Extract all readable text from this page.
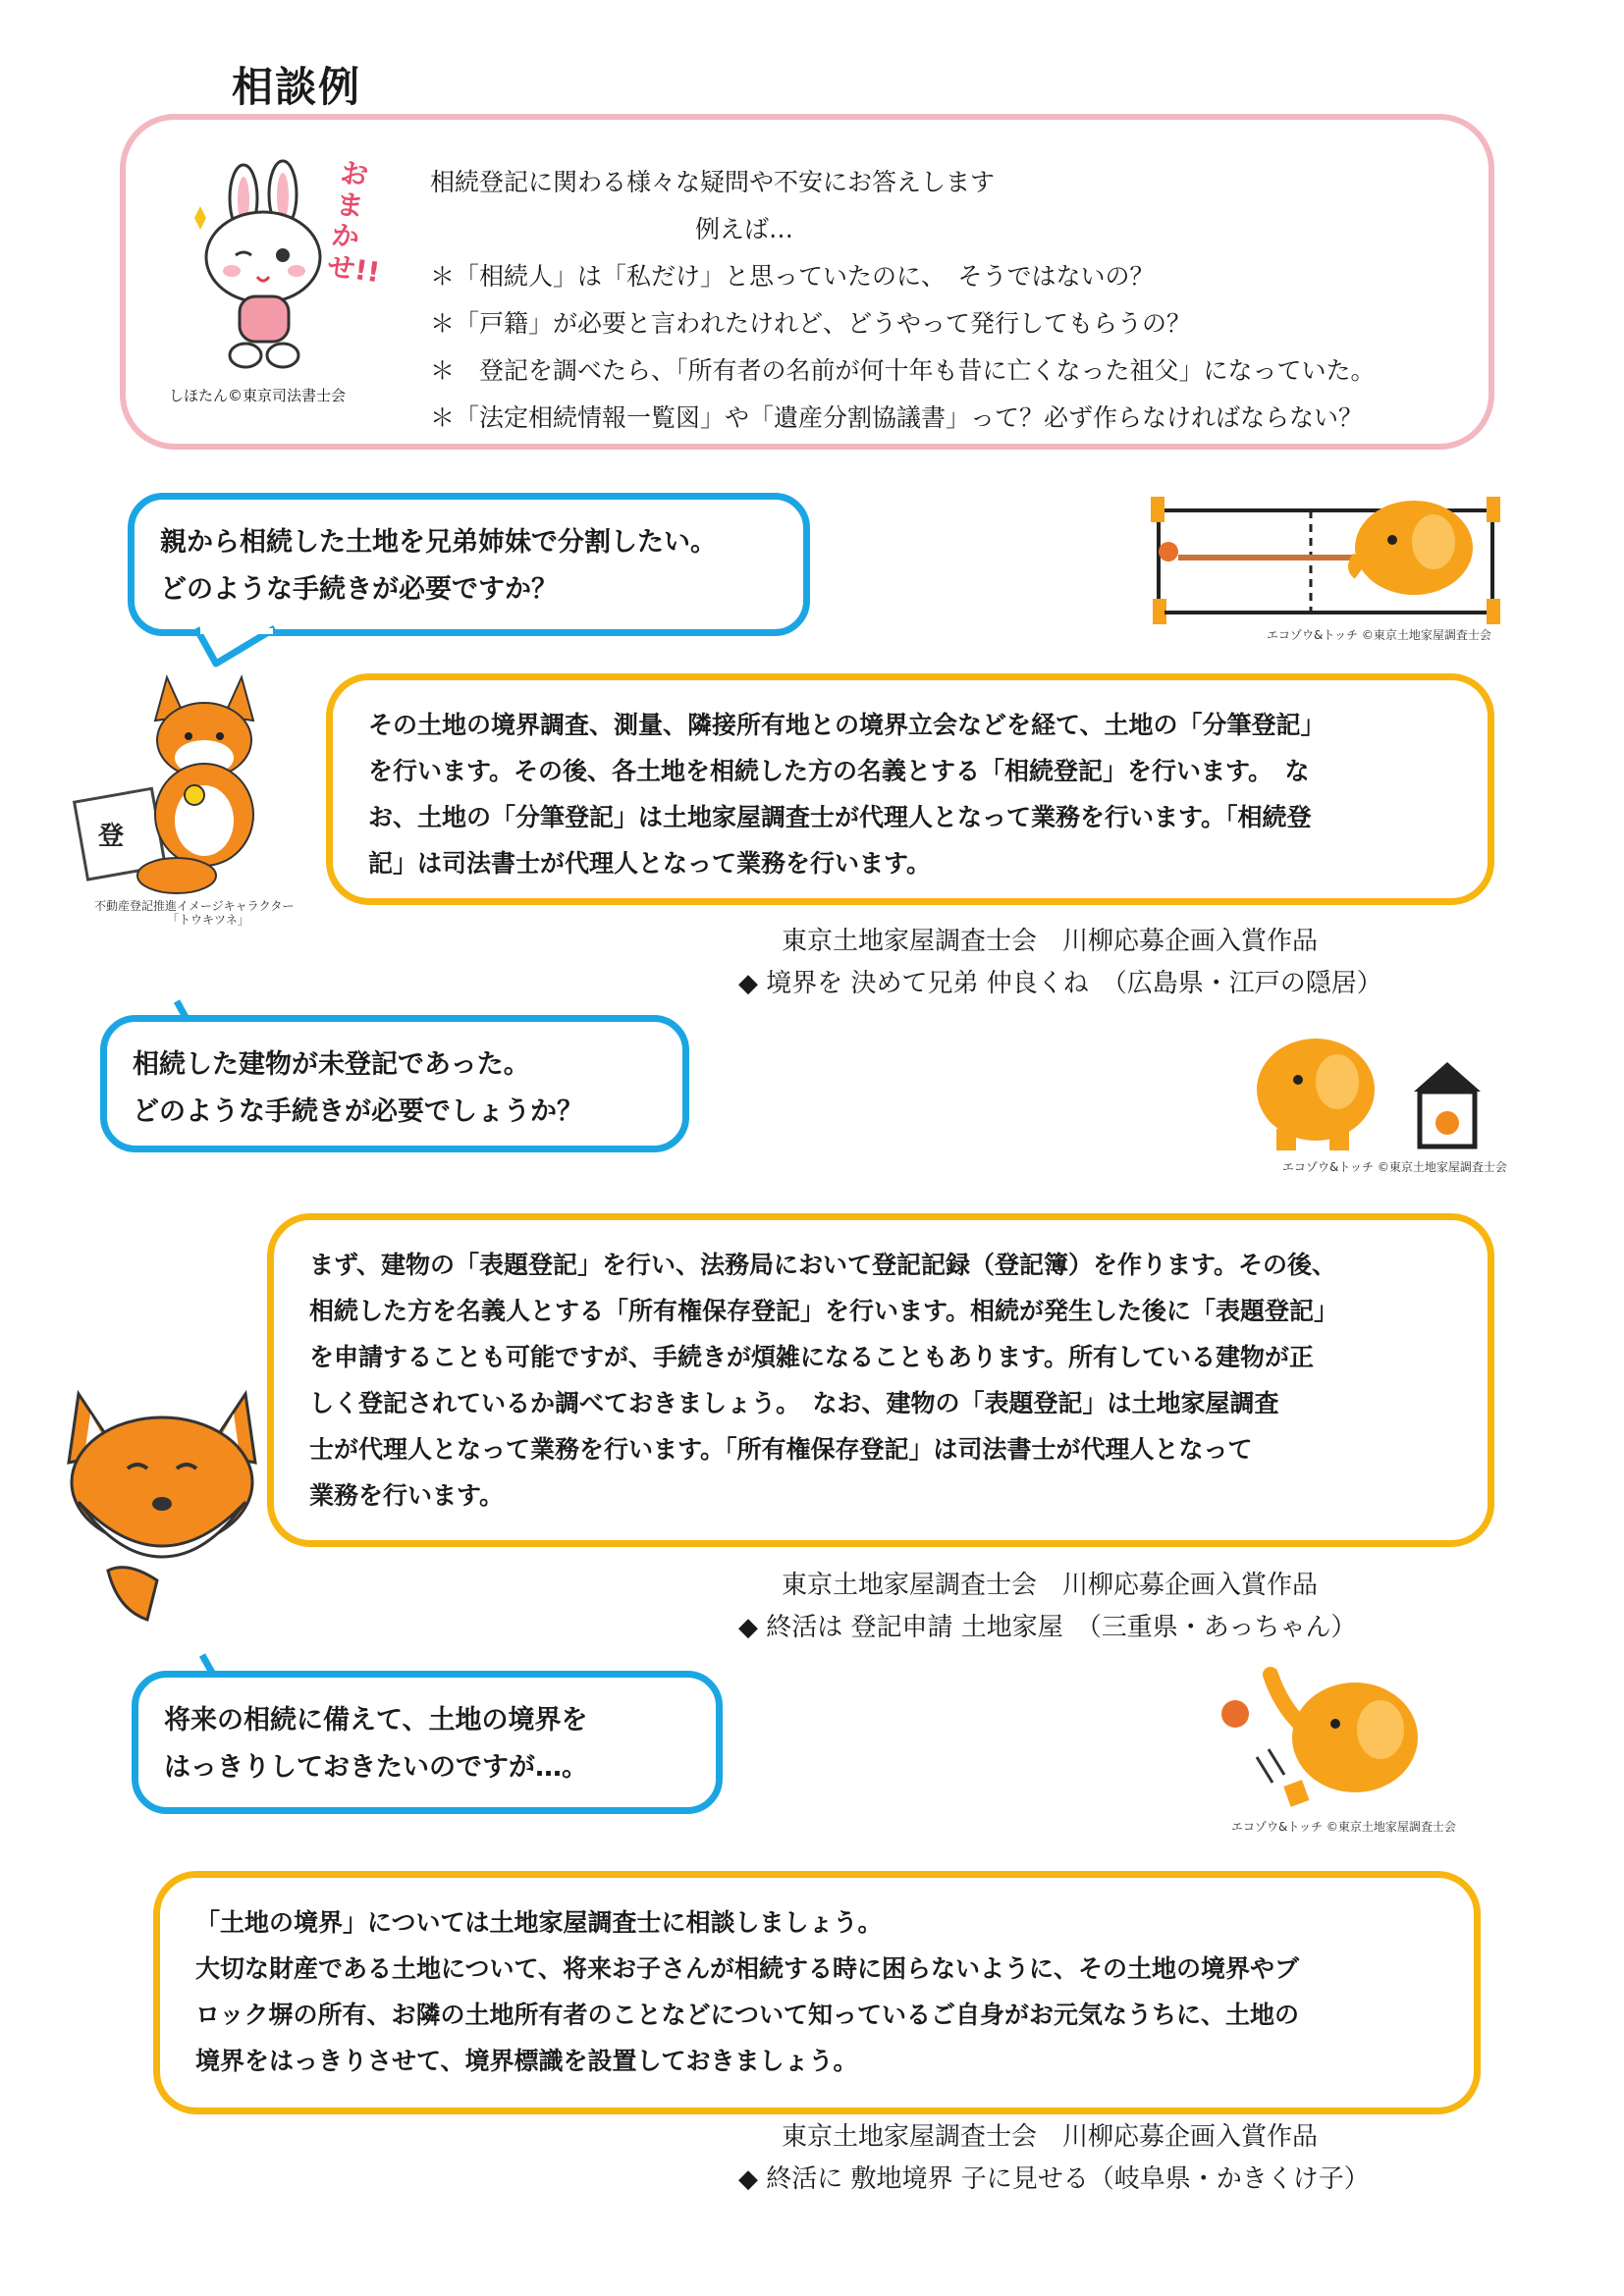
相談例
相続登記に関わる様々な疑問や不安にお答えします
例えば…
＊「相続人」は「私だけ」と思っていたのに、　そうではないの？
＊「戸籍」が必要と言われたけれど、どうやって発行してもらうの？
＊　登記を調べたら、「所有者の名前が何十年も昔に亡くなった祖父」になっていた。
＊「法定相続情報一覧図」や「遺産分割協議書」って？必ず作らなければならない？
おまかせ!!
しほたん©東京司法書士会
親から相続した土地を兄弟姉妹で分割したい。
どのような手続きが必要ですか？
エコゾウ&トッチ ©東京土地家屋調査士会
登
不動産登記推進イメージキャラクター
「トウキツネ」
その土地の境界調査、測量、隣接所有地との境界立会などを経て、土地の「分筆登記」
を行います。その後、各土地を相続した方の名義とする「相続登記」を行います。　な
お、土地の「分筆登記」は土地家屋調査士が代理人となって業務を行います。「相続登
記」は司法書士が代理人となって業務を行います。
東京土地家屋調査士会　川柳応募企画入賞作品
◆ 境界を 決めて兄弟 仲良くね　（広島県・江戸の隠居）
相続した建物が未登記であった。
どのような手続きが必要でしょうか？
エコゾウ&トッチ ©東京土地家屋調査士会
まず、建物の「表題登記」を行い、法務局において登記記録（登記簿）を作ります。その後、
相続した方を名義人とする「所有権保存登記」を行います。相続が発生した後に「表題登記」
を申請することも可能ですが、手続きが煩雑になることもあります。所有している建物が正
しく登記されているか調べておきましょう。　なお、建物の「表題登記」は土地家屋調査
士が代理人となって業務を行います。「所有権保存登記」は司法書士が代理人となって
業務を行います。
東京土地家屋調査士会　川柳応募企画入賞作品
◆ 終活は 登記申請 土地家屋　（三重県・あっちゃん）
将来の相続に備えて、土地の境界を
はっきりしておきたいのですが…。
エコゾウ&トッチ ©東京土地家屋調査士会
「土地の境界」については土地家屋調査士に相談しましょう。
大切な財産である土地について、将来お子さんが相続する時に困らないように、その土地の境界やブ
ロック塀の所有、お隣の土地所有者のことなどについて知っているご自身がお元気なうちに、土地の
境界をはっきりさせて、境界標識を設置しておきましょう。
東京土地家屋調査士会　川柳応募企画入賞作品
◆ 終活に 敷地境界 子に見せる（岐阜県・かきくけ子）
